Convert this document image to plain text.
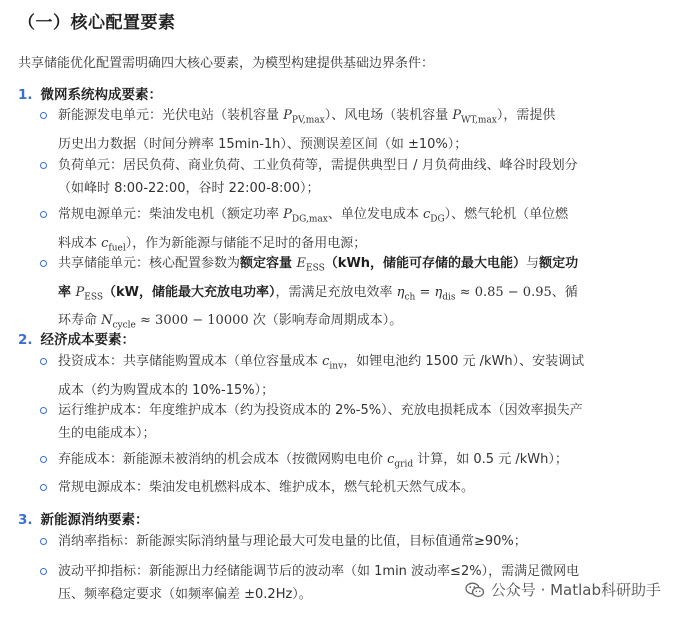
（一）核心配置要素
共享储能优化配置需明确四大核心要素，为模型构建提供基础边界条件：
1. 微网系统构成要素：
新能源发电单元：光伏电站（装机容量 $P_{PV,max}$）、风电场（装机容量 $P_{WT,max}$），需提供
历史出力数据（时间分辨率 15min-1h）、预测误差区间（如 ±10%）；
负荷单元：居民负荷、商业负荷、工业负荷等，需提供典型日 / 月负荷曲线、峰谷时段划分
（如峰时 8:00-22:00，谷时 22:00-8:00）；
常规电源单元：柴油发电机（额定功率 $P_{DG,max}$、单位发电成本 $c_{DG}$）、燃气轮机（单位燃
料成本 $c_{fuel}$），作为新能源与储能不足时的备用电源；
共享储能单元：核心配置参数为额定容量 $E_{ESS}(kWh$，储能可存储的最大电能）与额定功
率 $P_{ESS}(kW$，储能最大充放电功率），需满足充放电效率 $\eta_{ch} = \eta_{dis} \approx 0.85 - 0.95$、循
环寿命 $N_{cycle} \approx 3000 - 10000$ 次（影响寿命周期成本）。
2. 经济成本要素：
投资成本：共享储能购置成本（单位容量成本 $c_{inv}$，如锂电池约 1500 元 /kWh）、安装调试
成本（约为购置成本的 10%-15%）；
运行维护成本：年度维护成本（约为投资成本的 2%-5%）、充放电损耗成本（因效率损失产
生的电能成本）；
弃能成本：新能源未被消纳的机会成本（按微网购电电价 $c_{grid}$ 计算，如 0.5 元 /kWh）；
常规电源成本：柴油发电机燃料成本、维护成本，燃气轮机天然气成本。
3. 新能源消纳要素：
消纳率指标：新能源实际消纳量与理论最大可发电量的比值，目标值通常≥90%；
波动平抑指标：新能源出力经储能调节后的波动率（如 1min 波动率≤2%），需满足微网电
压、频率稳定要求（如频率偏差 ±0.2Hz）。	公众号 · Matlab科研助手
